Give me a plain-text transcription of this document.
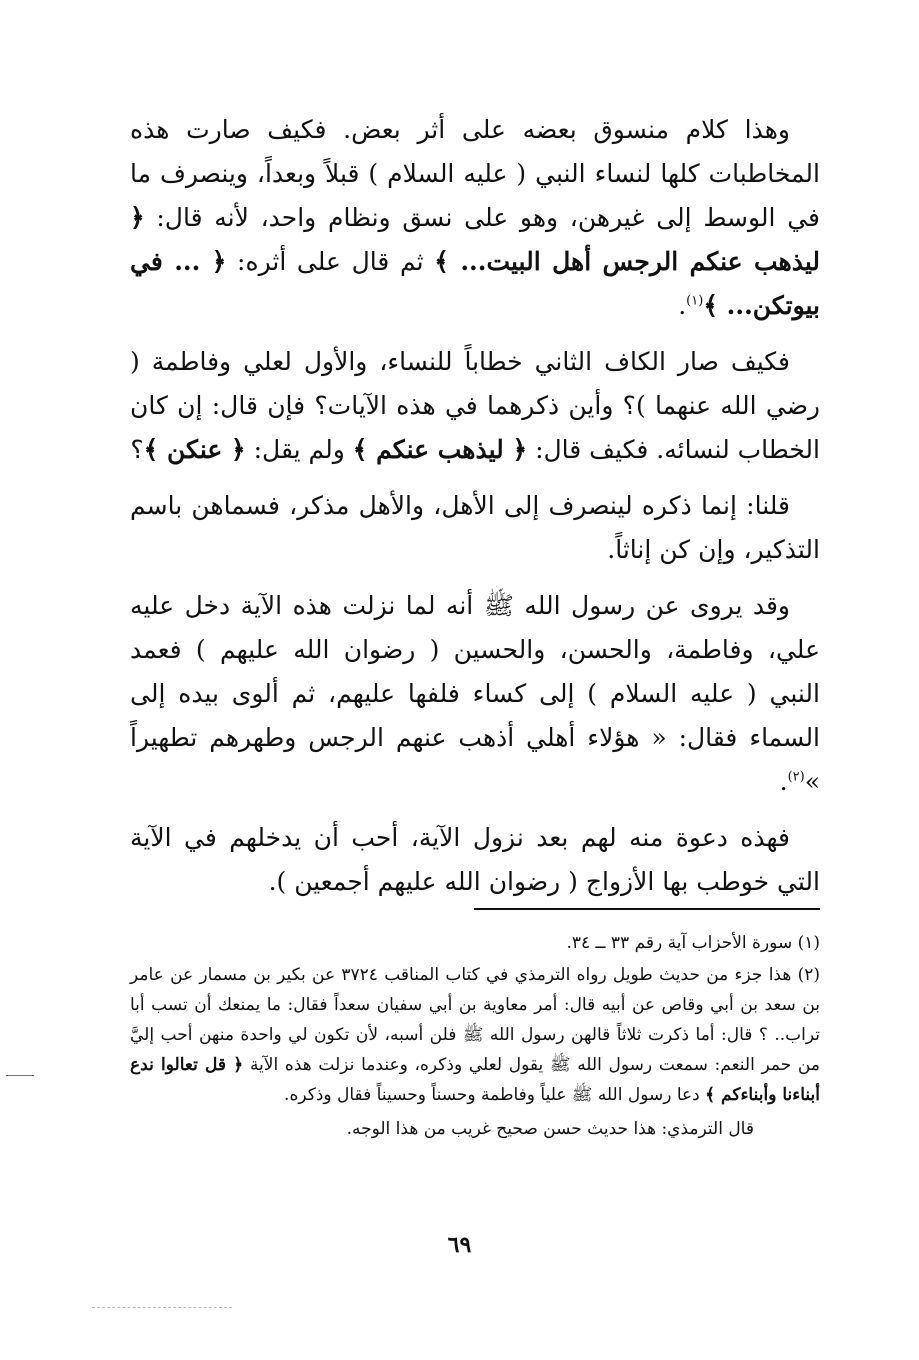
وهذا كلام منسوق بعضه على أثر بعض. فكيف صارت هذه المخاطبات كلها لنساء النبي ( عليه السلام ) قبلاً وبعداً، وينصرف ما في الوسط إلى غيرهن، وهو على نسق ونظام واحد، لأنه قال: ﴿ ليذهب عنكم الرجس أهل البيت... ﴾ ثم قال على أثره: ﴿ ... في بيوتكن... ﴾$^{(١)}$.

فكيف صار الكاف الثاني خطاباً للنساء، والأول لعلي وفاطمة ( رضي الله عنهما )؟ وأين ذكرهما في هذه الآيات؟ فإن قال: إن كان الخطاب لنسائه. فكيف قال: ﴿ ليذهب عنكم ﴾ ولم يقل: ﴿ عنكن ﴾؟

قلنا: إنما ذكره لينصرف إلى الأهل، والأهل مذكر، فسماهن باسم التذكير، وإن كن إناثاً.

وقد يروى عن رسول الله ﷺ أنه لما نزلت هذه الآية دخل عليه علي، وفاطمة، والحسن، والحسين ( رضوان الله عليهم ) فعمد النبي ( عليه السلام ) إلى كساء فلفها عليهم، ثم ألوى بيده إلى السماء فقال: « هؤلاء أهلي أذهب عنهم الرجس وطهرهم تطهيراً »$^{(٢)}$.

فهذه دعوة منه لهم بعد نزول الآية، أحب أن يدخلهم في الآية التي خوطب بها الأزواج ( رضوان الله عليهم أجمعين ).

(١) سورة الأحزاب آية رقم ٣٣ ــ ٣٤.

(٢) هذا جزء من حديث طويل رواه الترمذي في كتاب المناقب ٣٧٢٤ عن بكير بن مسمار عن عامر بن سعد بن أبي وقاص عن أبيه قال: أمر معاوية بن أبي سفيان سعداً فقال: ما يمنعك أن تسب أبا تراب.. ؟ قال: أما ذكرت ثلاثاً قالهن رسول الله ﷺ فلن أسبه، لأن تكون لي واحدة منهن أحب إليَّ من حمر النعم: سمعت رسول الله ﷺ يقول لعلي وذكره، وعندما نزلت هذه الآية ﴿ قل تعالوا ندع أبناءنا وأبناءكم ﴾ دعا رسول الله ﷺ علياً وفاطمة وحسناً وحسيناً فقال وذكره.

قال الترمذي: هذا حديث حسن صحيح غريب من هذا الوجه.

٦٩
